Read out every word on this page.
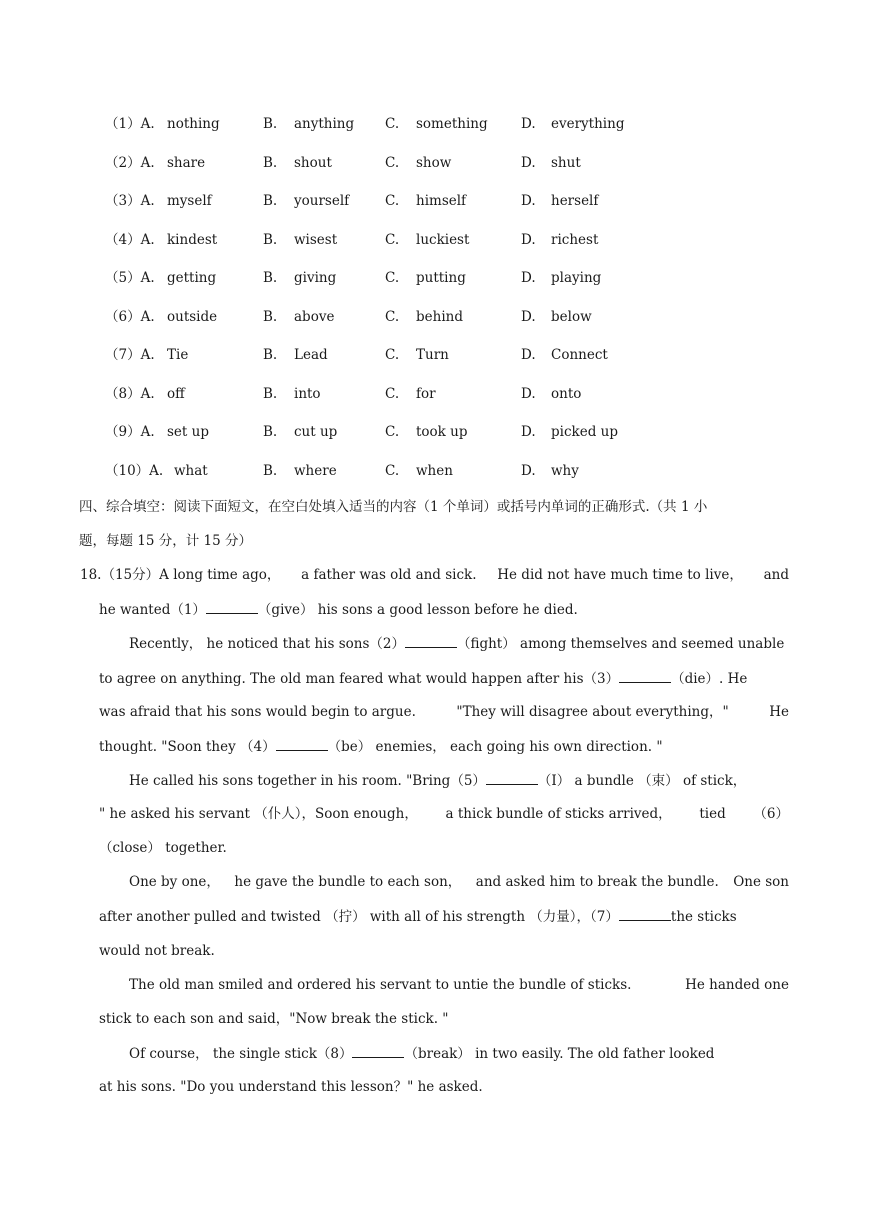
（1）A. nothing	B. anything C. something D. everything
（2）A. share	B. shout	C. show	D. shut
（3）A. myself	B. yourself	C. himself	D. herself
（4）A. kindest	B. wisest	C. luckiest	D. richest
（5）A. getting	B. giving	C. putting	D. playing
（6）A. outside	B. above	C. behind	D. below
（7）A. Tie	B. Lead	C. Turn	D. Connect
（8）A. off	B. into	C. for	D. onto
（9）A. set up	B. cut up	C. took up	D. picked up
（10）A. what	B. where	C. when	D. why
四、综合填空：阅读下面短文，在空白处填入适当的内容（1 个单词）或括号内单词的正确形式.（共 1 小
题，每题 15 分，计 15 分）
18.（15分）A long time ago， a father was old and sick. He did not have much time to live， and
he wanted（1）	（give） his sons a good lesson before he died.
Recently， he noticed that his sons（2）	（fight） among themselves and seemed unable
to agree on anything. The old man feared what would happen after his（3）	（die）. He
was afraid that his sons would begin to argue.	"They will disagree about everything，"	He
thought. "Soon they （4）	（be） enemies， each going his own direction. "
He called his sons together in his room. "Bring（5）	（I） a bundle （束） of stick，
" he asked his servant （仆人），Soon enough， a thick bundle of sticks arrived， tied （6）
（close） together.
One by one， he gave the bundle to each son， and asked him to break the bundle. One son
after another pulled and twisted （拧） with all of his strength （力量），（7）	the sticks
would not break.
The old man smiled and ordered his servant to untie the bundle of sticks.	He handed one
stick to each son and said，"Now break the stick. "
Of course， the single stick（8）	（break） in two easily. The old father looked
at his sons. "Do you understand this lesson？" he asked.
